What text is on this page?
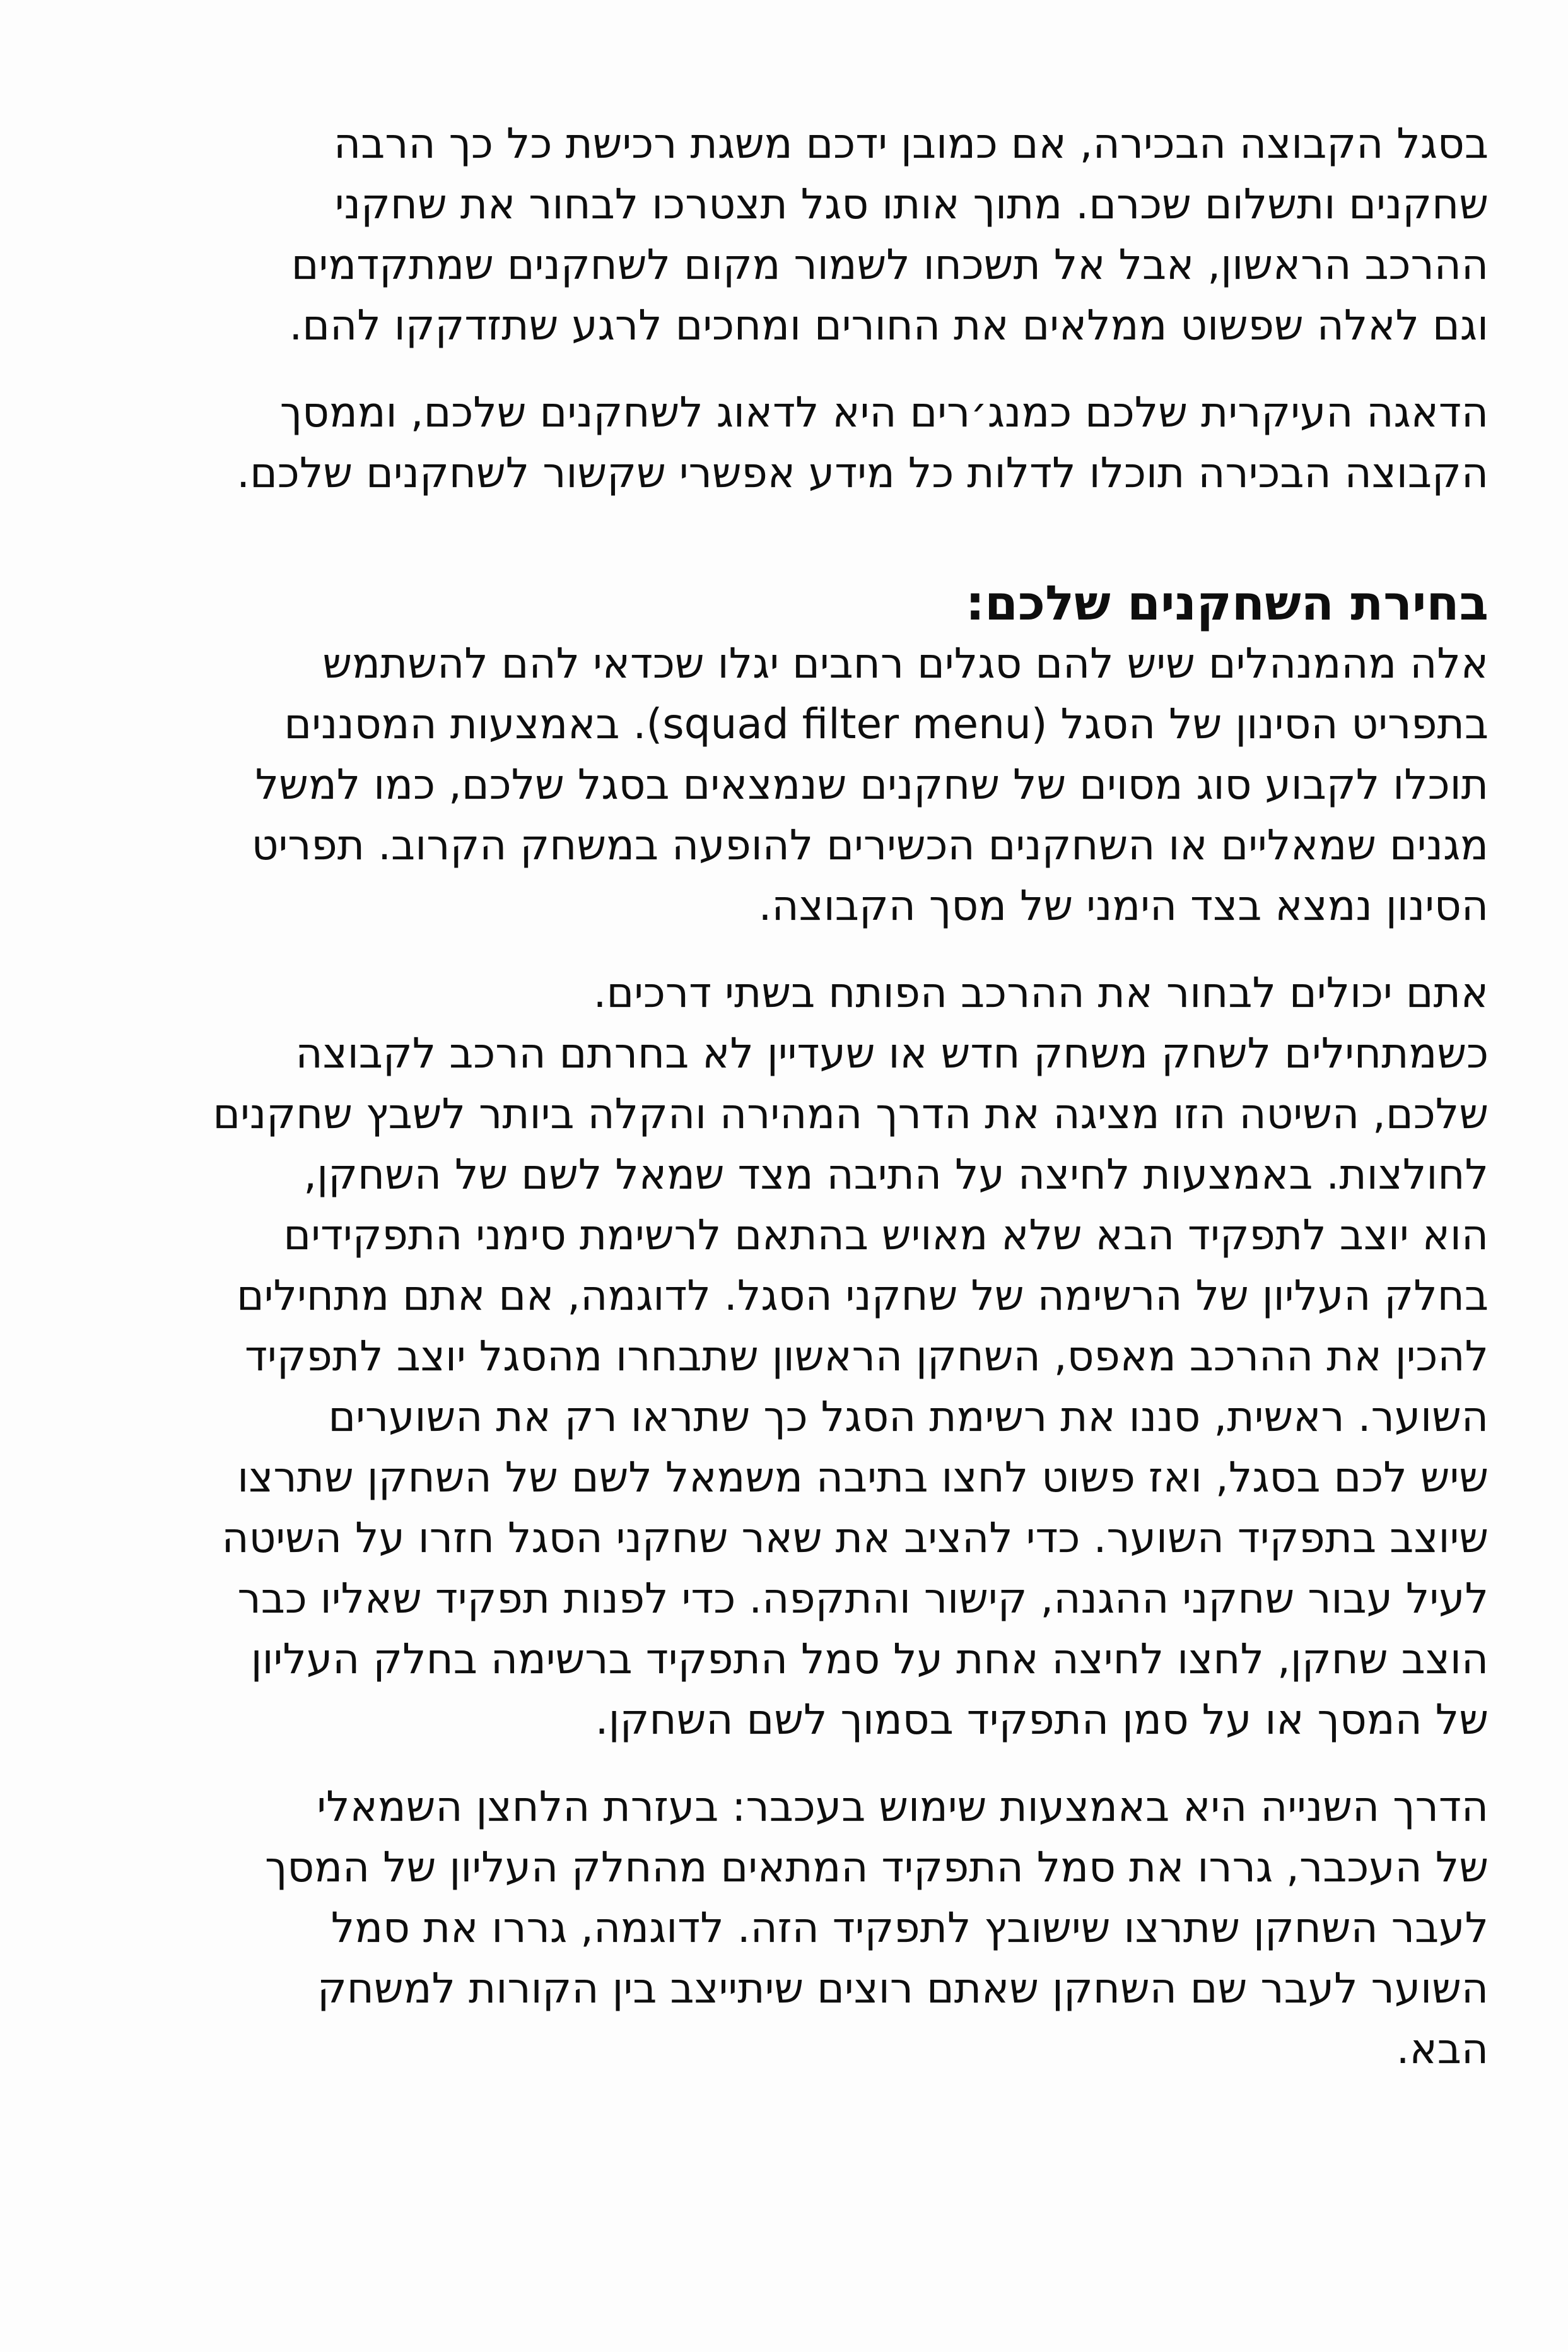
בסגל הקבוצה הבכירה, אם כמובן ידכם משגת רכישת כל כך הרבה
שחקנים ותשלום שכרם. מתוך אותו סגל תצטרכו לבחור את שחקני
ההרכב הראשון, אבל אל תשכחו לשמור מקום לשחקנים שמתקדמים
וגם לאלה שפשוט ממלאים את החורים ומחכים לרגע שתזדקקו להם.
הדאגה העיקרית שלכם כמנג׳רים היא לדאוג לשחקנים שלכם, וממסך
הקבוצה הבכירה תוכלו לדלות כל מידע אפשרי שקשור לשחקנים שלכם.
בחירת השחקנים שלכם:
אלה מהמנהלים שיש להם סגלים רחבים יגלו שכדאי להם להשתמש
בתפריט הסינון של הסגל (squad filter menu). באמצעות המסננים
תוכלו לקבוע סוג מסוים של שחקנים שנמצאים בסגל שלכם, כמו למשל
מגנים שמאליים או השחקנים הכשירים להופעה במשחק הקרוב. תפריט
הסינון נמצא בצד הימני של מסך הקבוצה.
אתם יכולים לבחור את ההרכב הפותח בשתי דרכים.
כשמתחילים לשחק משחק חדש או שעדיין לא בחרתם הרכב לקבוצה
שלכם, השיטה הזו מציגה את הדרך המהירה והקלה ביותר לשבץ שחקנים
לחולצות. באמצעות לחיצה על התיבה מצד שמאל לשם של השחקן,
הוא יוצב לתפקיד הבא שלא מאויש בהתאם לרשימת סימני התפקידים
בחלק העליון של הרשימה של שחקני הסגל. לדוגמה, אם אתם מתחילים
להכין את ההרכב מאפס, השחקן הראשון שתבחרו מהסגל יוצב לתפקיד
השוער. ראשית, סננו את רשימת הסגל כך שתראו רק את השוערים
שיש לכם בסגל, ואז פשוט לחצו בתיבה משמאל לשם של השחקן שתרצו
שיוצב בתפקיד השוער. כדי להציב את שאר שחקני הסגל חזרו על השיטה
לעיל עבור שחקני ההגנה, קישור והתקפה. כדי לפנות תפקיד שאליו כבר
הוצב שחקן, לחצו לחיצה אחת על סמל התפקיד ברשימה בחלק העליון
של המסך או על סמן התפקיד בסמוך לשם השחקן.
הדרך השנייה היא באמצעות שימוש בעכבר: בעזרת הלחצן השמאלי
של העכבר, גררו את סמל התפקיד המתאים מהחלק העליון של המסך
לעבר השחקן שתרצו שישובץ לתפקיד הזה. לדוגמה, גררו את סמל
השוער לעבר שם השחקן שאתם רוצים שיתייצב בין הקורות למשחק
הבא.
